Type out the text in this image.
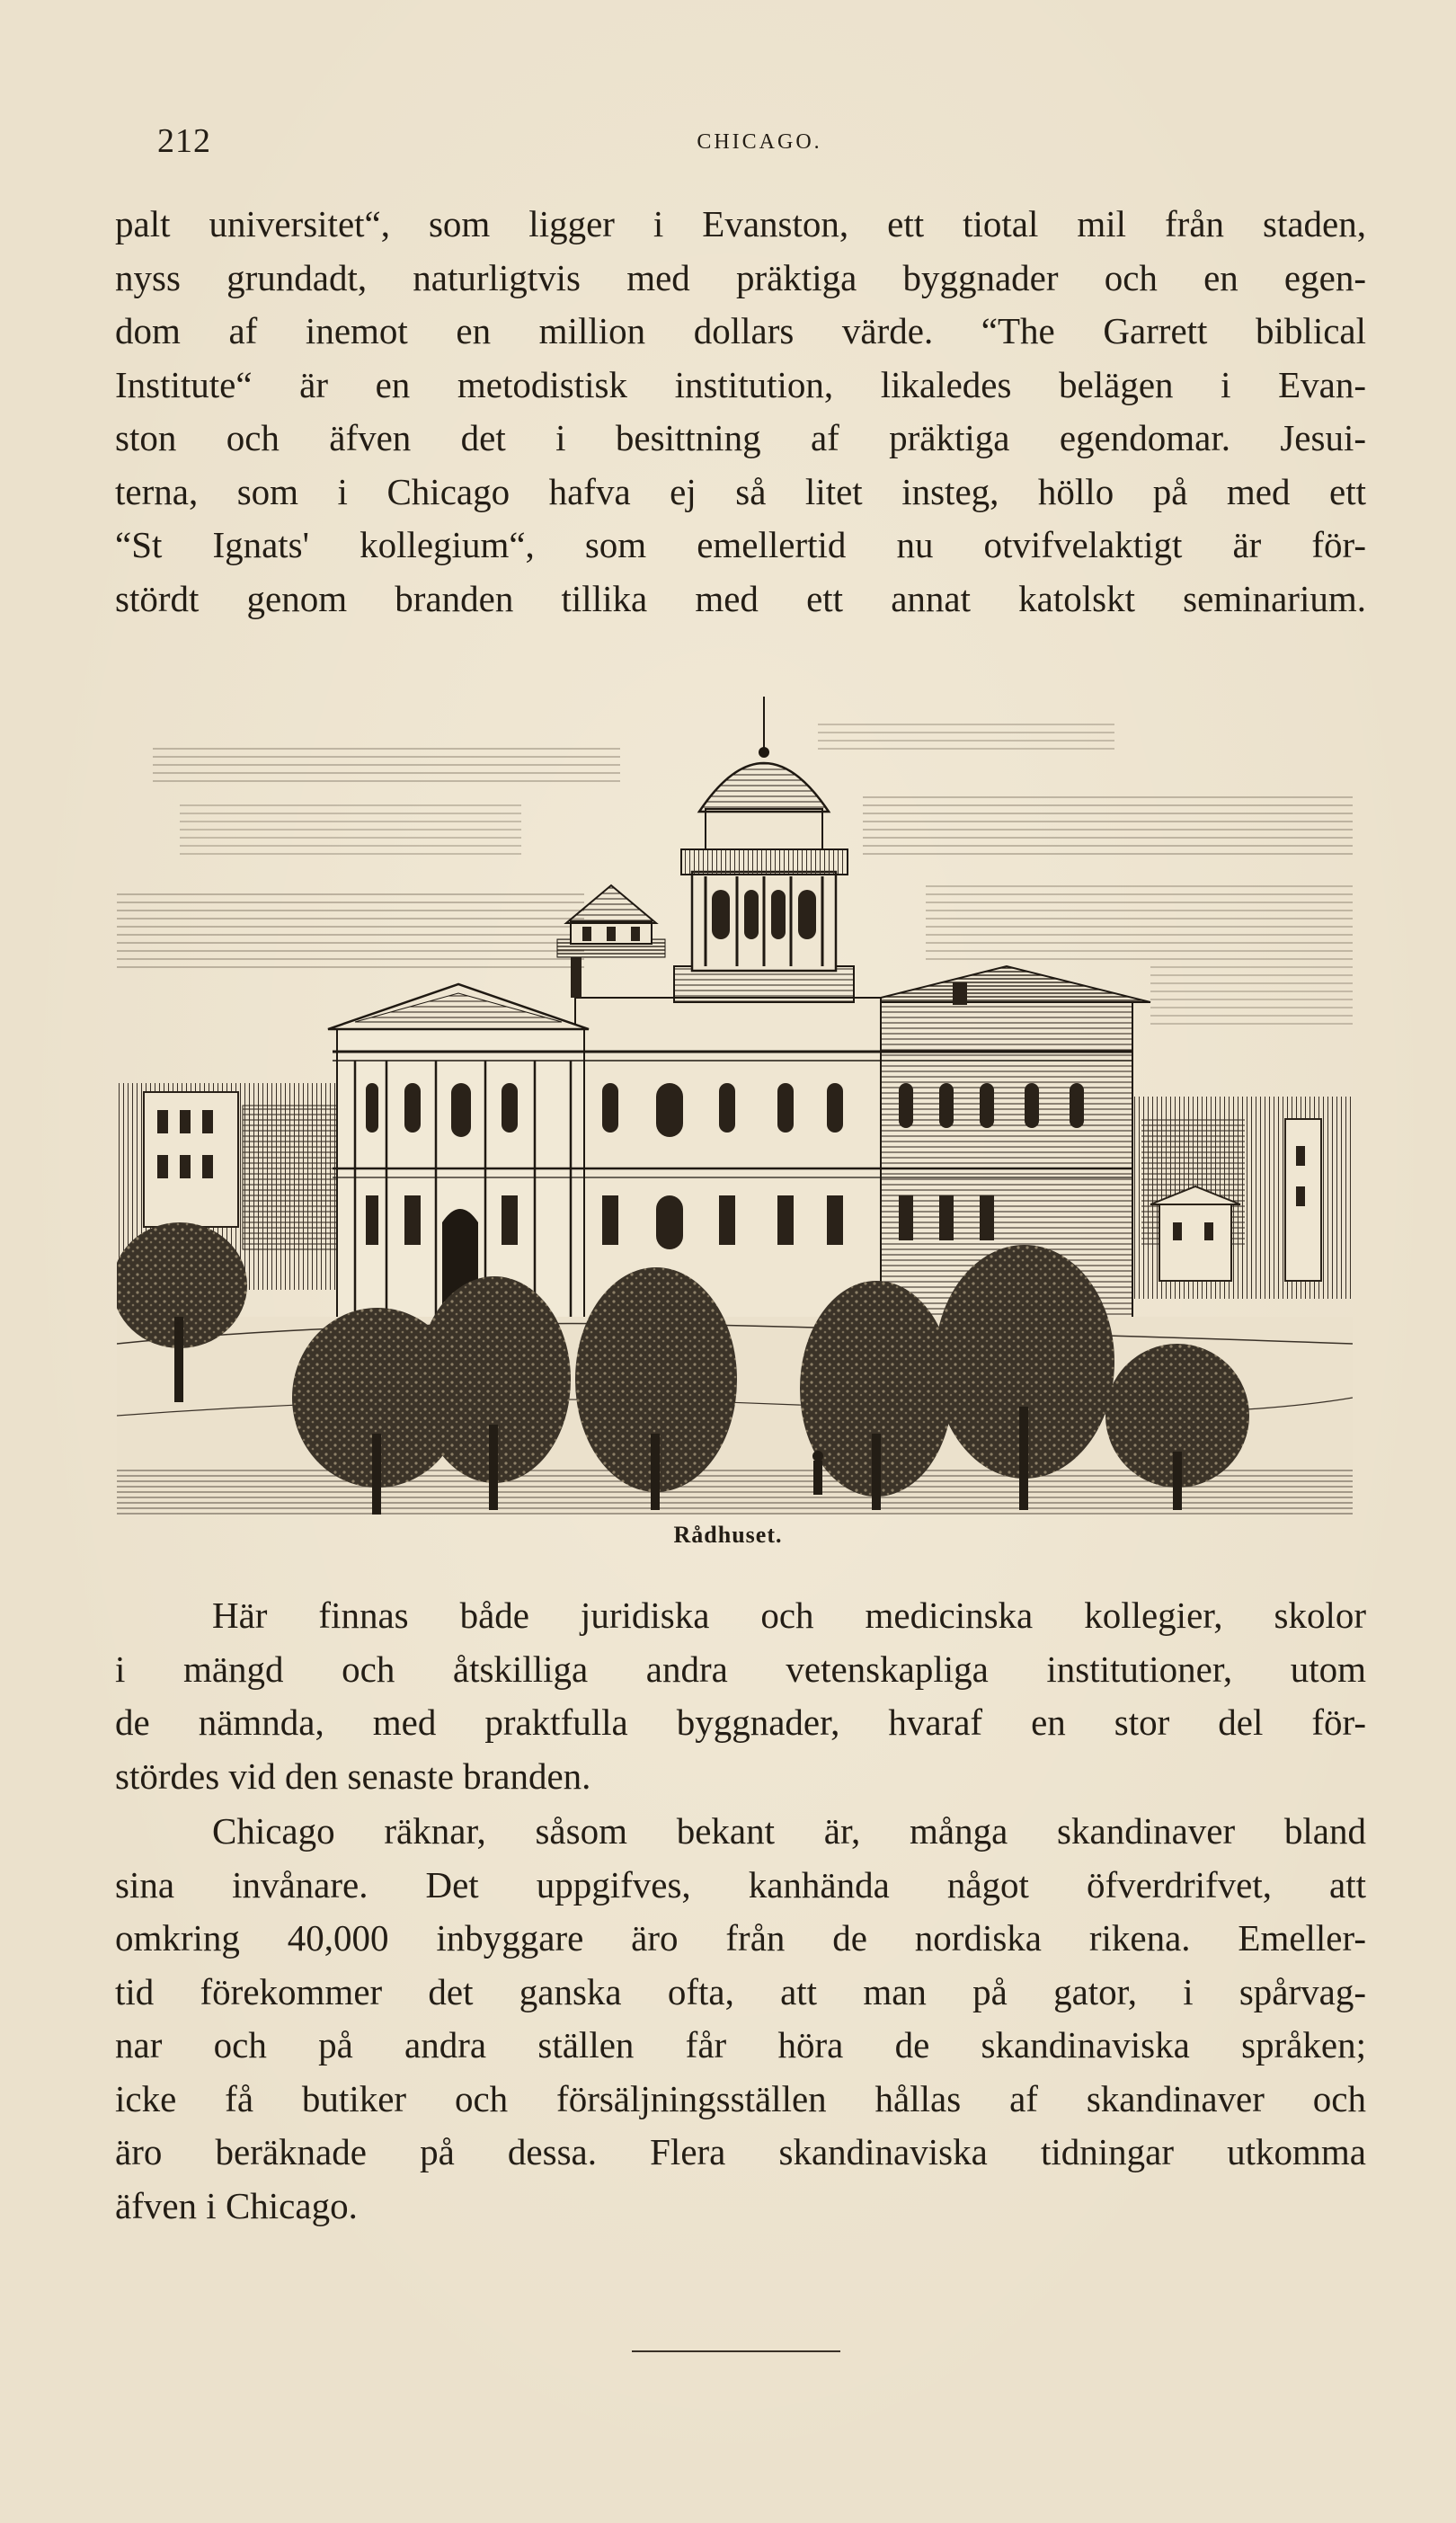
212	CHICAGO.
palt universitet“, som ligger i Evanston, ett tiotal mil från staden,
nyss grundadt, naturligtvis med präktiga byggnader och en egen-
dom af inemot en million dollars värde. “The Garrett biblical
Institute“ är en metodistisk institution, likaledes belägen i Evan-
ston och äfven det i besittning af präktiga egendomar. Jesui-
terna, som i Chicago hafva ej så litet insteg, höllo på med ett
“St Ignats' kollegium“, som emellertid nu otvifvelaktigt är för-
stördt genom branden tillika med ett annat katolskt seminarium.
Rådhuset.
Här finnas både juridiska och medicinska kollegier, skolor
i mängd och åtskilliga andra vetenskapliga institutioner, utom
de nämnda, med praktfulla byggnader, hvaraf en stor del för-
stördes vid den senaste branden.
Chicago räknar, såsom bekant är, många skandinaver bland
sina invånare. Det uppgifves, kanhända något öfverdrifvet, att
omkring 40,000 inbyggare äro från de nordiska rikena. Emeller-
tid förekommer det ganska ofta, att man på gator, i spårvag-
nar och på andra ställen får höra de skandinaviska språken;
icke få butiker och försäljningsställen hållas af skandinaver och
äro beräknade på dessa. Flera skandinaviska tidningar utkomma
äfven i Chicago.
